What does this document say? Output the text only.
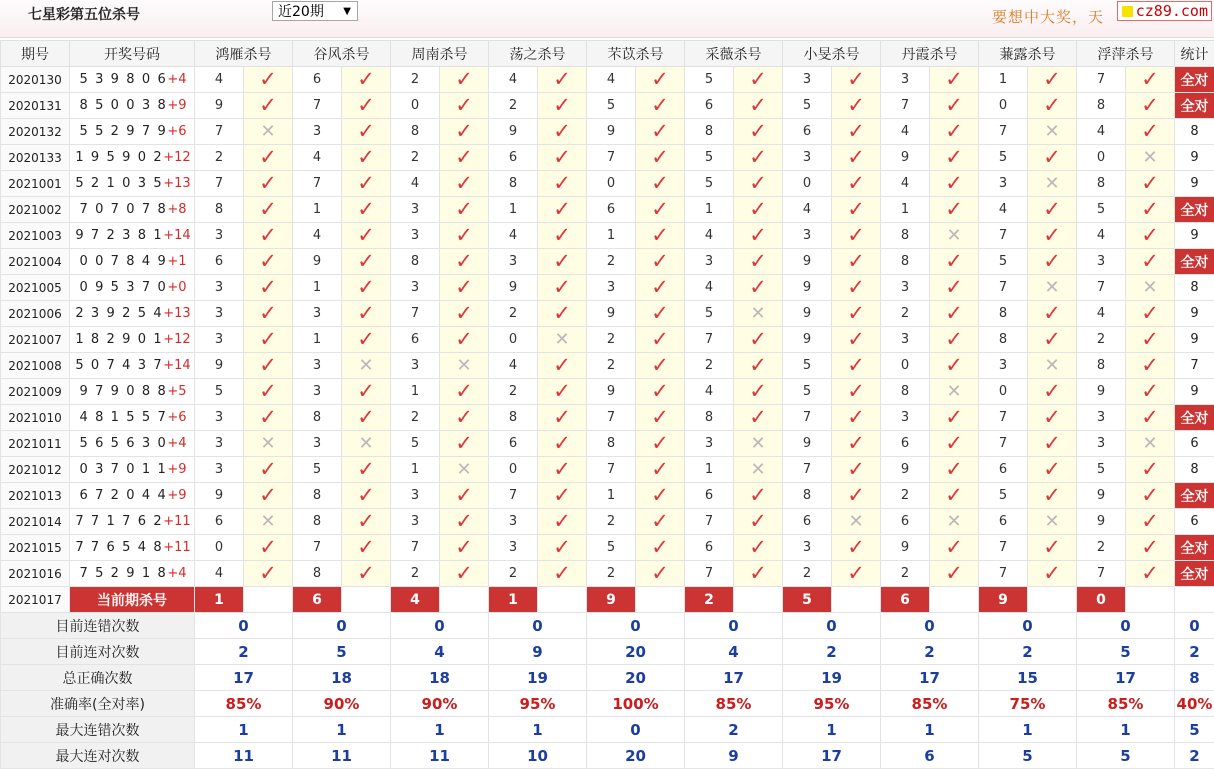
七星彩第五位杀号	近20期 ▼	要想中大奖，天	cz89.com
期号	开奖号码	鸿雁杀号		谷风杀号		周南杀号		荡之杀号		芣苡杀号		采薇杀号		小旻杀号		丹霞杀号		蒹露杀号		浮萍杀号		统计
2020130	5 3 9 8 0 6+4	4	✓	6	✓	2	✓	4	✓	4	✓	5	✓	3	✓	3	✓	1	✓	7	✓	全对
2020131	8 5 0 0 3 8+9	9	✓	7	✓	0	✓	2	✓	5	✓	6	✓	5	✓	7	✓	0	✓	8	✓	全对
2020132	5 5 2 9 7 9+6	7	✕	3	✓	8	✓	9	✓	9	✓	8	✓	6	✓	4	✓	7	✕	4	✓	8
2020133	1 9 5 9 0 2+12	2	✓	4	✓	2	✓	6	✓	7	✓	5	✓	3	✓	9	✓	5	✓	0	✕	9
2021001	5 2 1 0 3 5+13	7	✓	7	✓	4	✓	8	✓	0	✓	5	✓	0	✓	4	✓	3	✕	8	✓	9
2021002	7 0 7 0 7 8+8	8	✓	1	✓	3	✓	1	✓	6	✓	1	✓	4	✓	1	✓	4	✓	5	✓	全对
2021003	9 7 2 3 8 1+14	3	✓	4	✓	3	✓	4	✓	1	✓	4	✓	3	✓	8	✕	7	✓	4	✓	9
2021004	0 0 7 8 4 9+1	6	✓	9	✓	8	✓	3	✓	2	✓	3	✓	9	✓	8	✓	5	✓	3	✓	全对
2021005	0 9 5 3 7 0+0	3	✓	1	✓	3	✓	9	✓	3	✓	4	✓	9	✓	3	✓	7	✕	7	✕	8
2021006	2 3 9 2 5 4+13	3	✓	3	✓	7	✓	2	✓	9	✓	5	✕	9	✓	2	✓	8	✓	4	✓	9
2021007	1 8 2 9 0 1+12	3	✓	1	✓	6	✓	0	✕	2	✓	7	✓	9	✓	3	✓	8	✓	2	✓	9
2021008	5 0 7 4 3 7+14	9	✓	3	✕	3	✕	4	✓	2	✓	2	✓	5	✓	0	✓	3	✕	8	✓	7
2021009	9 7 9 0 8 8+5	5	✓	3	✓	1	✓	2	✓	9	✓	4	✓	5	✓	8	✕	0	✓	9	✓	9
2021010	4 8 1 5 5 7+6	3	✓	8	✓	2	✓	8	✓	7	✓	8	✓	7	✓	3	✓	7	✓	3	✓	全对
2021011	5 6 5 6 3 0+4	3	✕	3	✕	5	✓	6	✓	8	✓	3	✕	9	✓	6	✓	7	✓	3	✕	6
2021012	0 3 7 0 1 1+9	3	✓	5	✓	1	✕	0	✓	7	✓	1	✕	7	✓	9	✓	6	✓	5	✓	8
2021013	6 7 2 0 4 4+9	9	✓	8	✓	3	✓	7	✓	1	✓	6	✓	8	✓	2	✓	5	✓	9	✓	全对
2021014	7 7 1 7 6 2+11	6	✕	8	✓	3	✓	3	✓	2	✓	7	✓	6	✕	6	✕	6	✕	9	✓	6
2021015	7 7 6 5 4 8+11	0	✓	7	✓	7	✓	3	✓	5	✓	6	✓	3	✓	9	✓	7	✓	2	✓	全对
2021016	7 5 2 9 1 8+4	4	✓	8	✓	2	✓	2	✓	2	✓	7	✓	2	✓	2	✓	7	✓	7	✓	全对
2021017	当前期杀号	1		6		4		1		9		2		5		6		9		0		
目前连错次数		0		0		0		0		0		0		0		0		0		0		0
目前连对次数		2		5		4		9		20		4		2		2		2		5		2
总正确次数		17		18		18		19		20		17		19		17		15		17		8
准确率(全对率)		85%		90%		90%		95%		100%		85%		95%		85%		75%		85%		40%
最大连错次数		1		1		1		1		0		2		1		1		1		1		5
最大连对次数		11		11		11		10		20		9		17		6		5		5		2
